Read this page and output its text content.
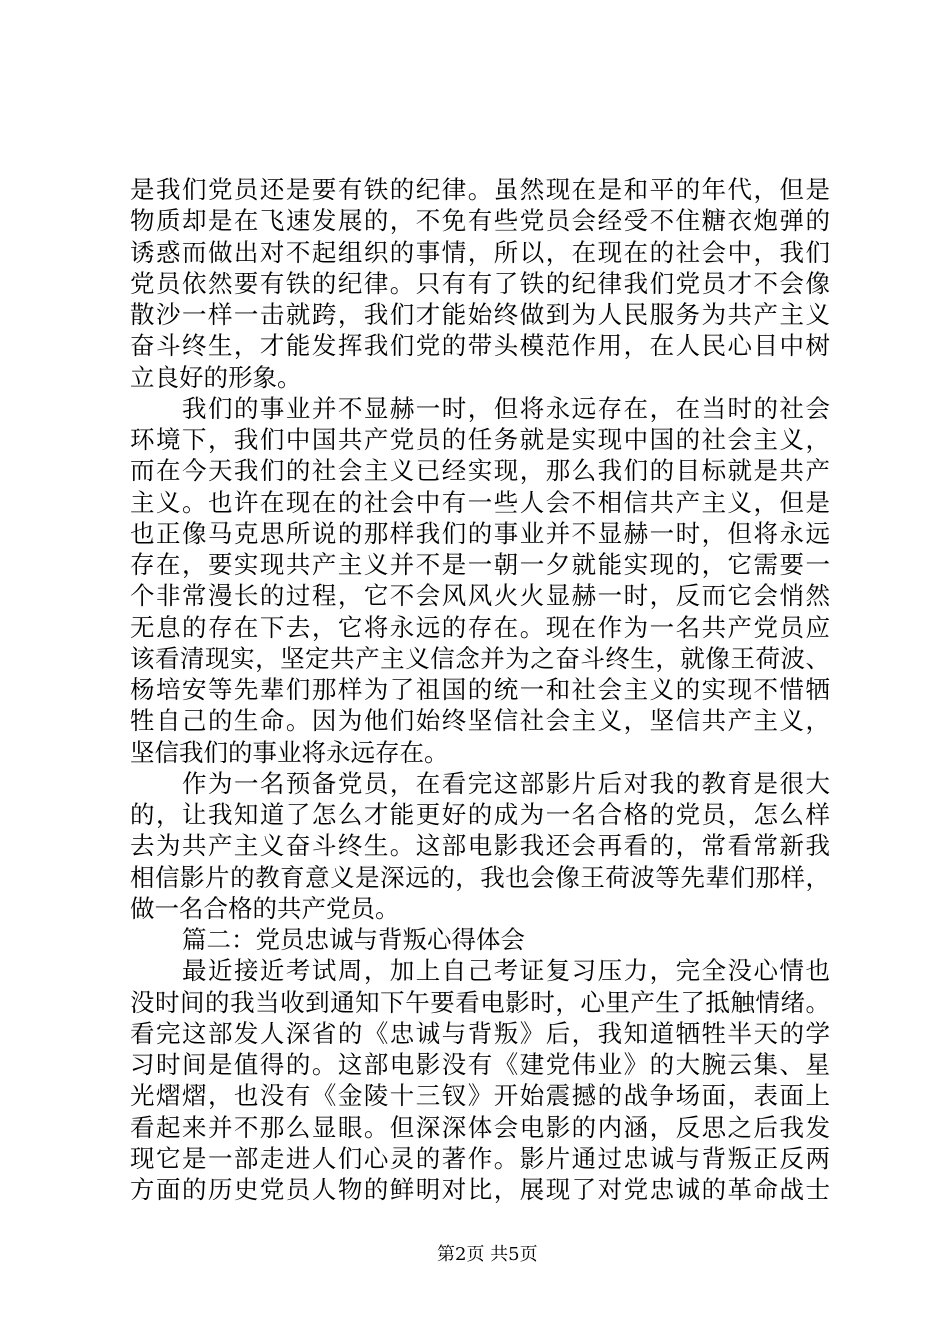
是我们党员还是要有铁的纪律。虽然现在是和平的年代，但是
物质却是在飞速发展的，不免有些党员会经受不住糖衣炮弹的
诱惑而做出对不起组织的事情，所以，在现在的社会中，我们
党员依然要有铁的纪律。只有有了铁的纪律我们党员才不会像
散沙一样一击就跨，我们才能始终做到为人民服务为共产主义
奋斗终生，才能发挥我们党的带头模范作用，在人民心目中树
立良好的形象。
我们的事业并不显赫一时，但将永远存在，在当时的社会
环境下，我们中国共产党员的任务就是实现中国的社会主义，
而在今天我们的社会主义已经实现，那么我们的目标就是共产
主义。也许在现在的社会中有一些人会不相信共产主义，但是
也正像马克思所说的那样我们的事业并不显赫一时，但将永远
存在，要实现共产主义并不是一朝一夕就能实现的，它需要一
个非常漫长的过程，它不会风风火火显赫一时，反而它会悄然
无息的存在下去，它将永远的存在。现在作为一名共产党员应
该看清现实，坚定共产主义信念并为之奋斗终生，就像王荷波、
杨培安等先辈们那样为了祖国的统一和社会主义的实现不惜牺
牲自己的生命。因为他们始终坚信社会主义，坚信共产主义，
坚信我们的事业将永远存在。
作为一名预备党员，在看完这部影片后对我的教育是很大
的，让我知道了怎么才能更好的成为一名合格的党员，怎么样
去为共产主义奋斗终生。这部电影我还会再看的，常看常新我
相信影片的教育意义是深远的，我也会像王荷波等先辈们那样，
做一名合格的共产党员。
篇二：党员忠诚与背叛心得体会
最近接近考试周，加上自己考证复习压力，完全没心情也
没时间的我当收到通知下午要看电影时，心里产生了抵触情绪。
看完这部发人深省的《忠诚与背叛》后，我知道牺牲半天的学
习时间是值得的。这部电影没有《建党伟业》的大腕云集、星
光熠熠，也没有《金陵十三钗》开始震撼的战争场面，表面上
看起来并不那么显眼。但深深体会电影的内涵，反思之后我发
现它是一部走进人们心灵的著作。影片通过忠诚与背叛正反两
方面的历史党员人物的鲜明对比，展现了对党忠诚的革命战士
第2页 共5页
